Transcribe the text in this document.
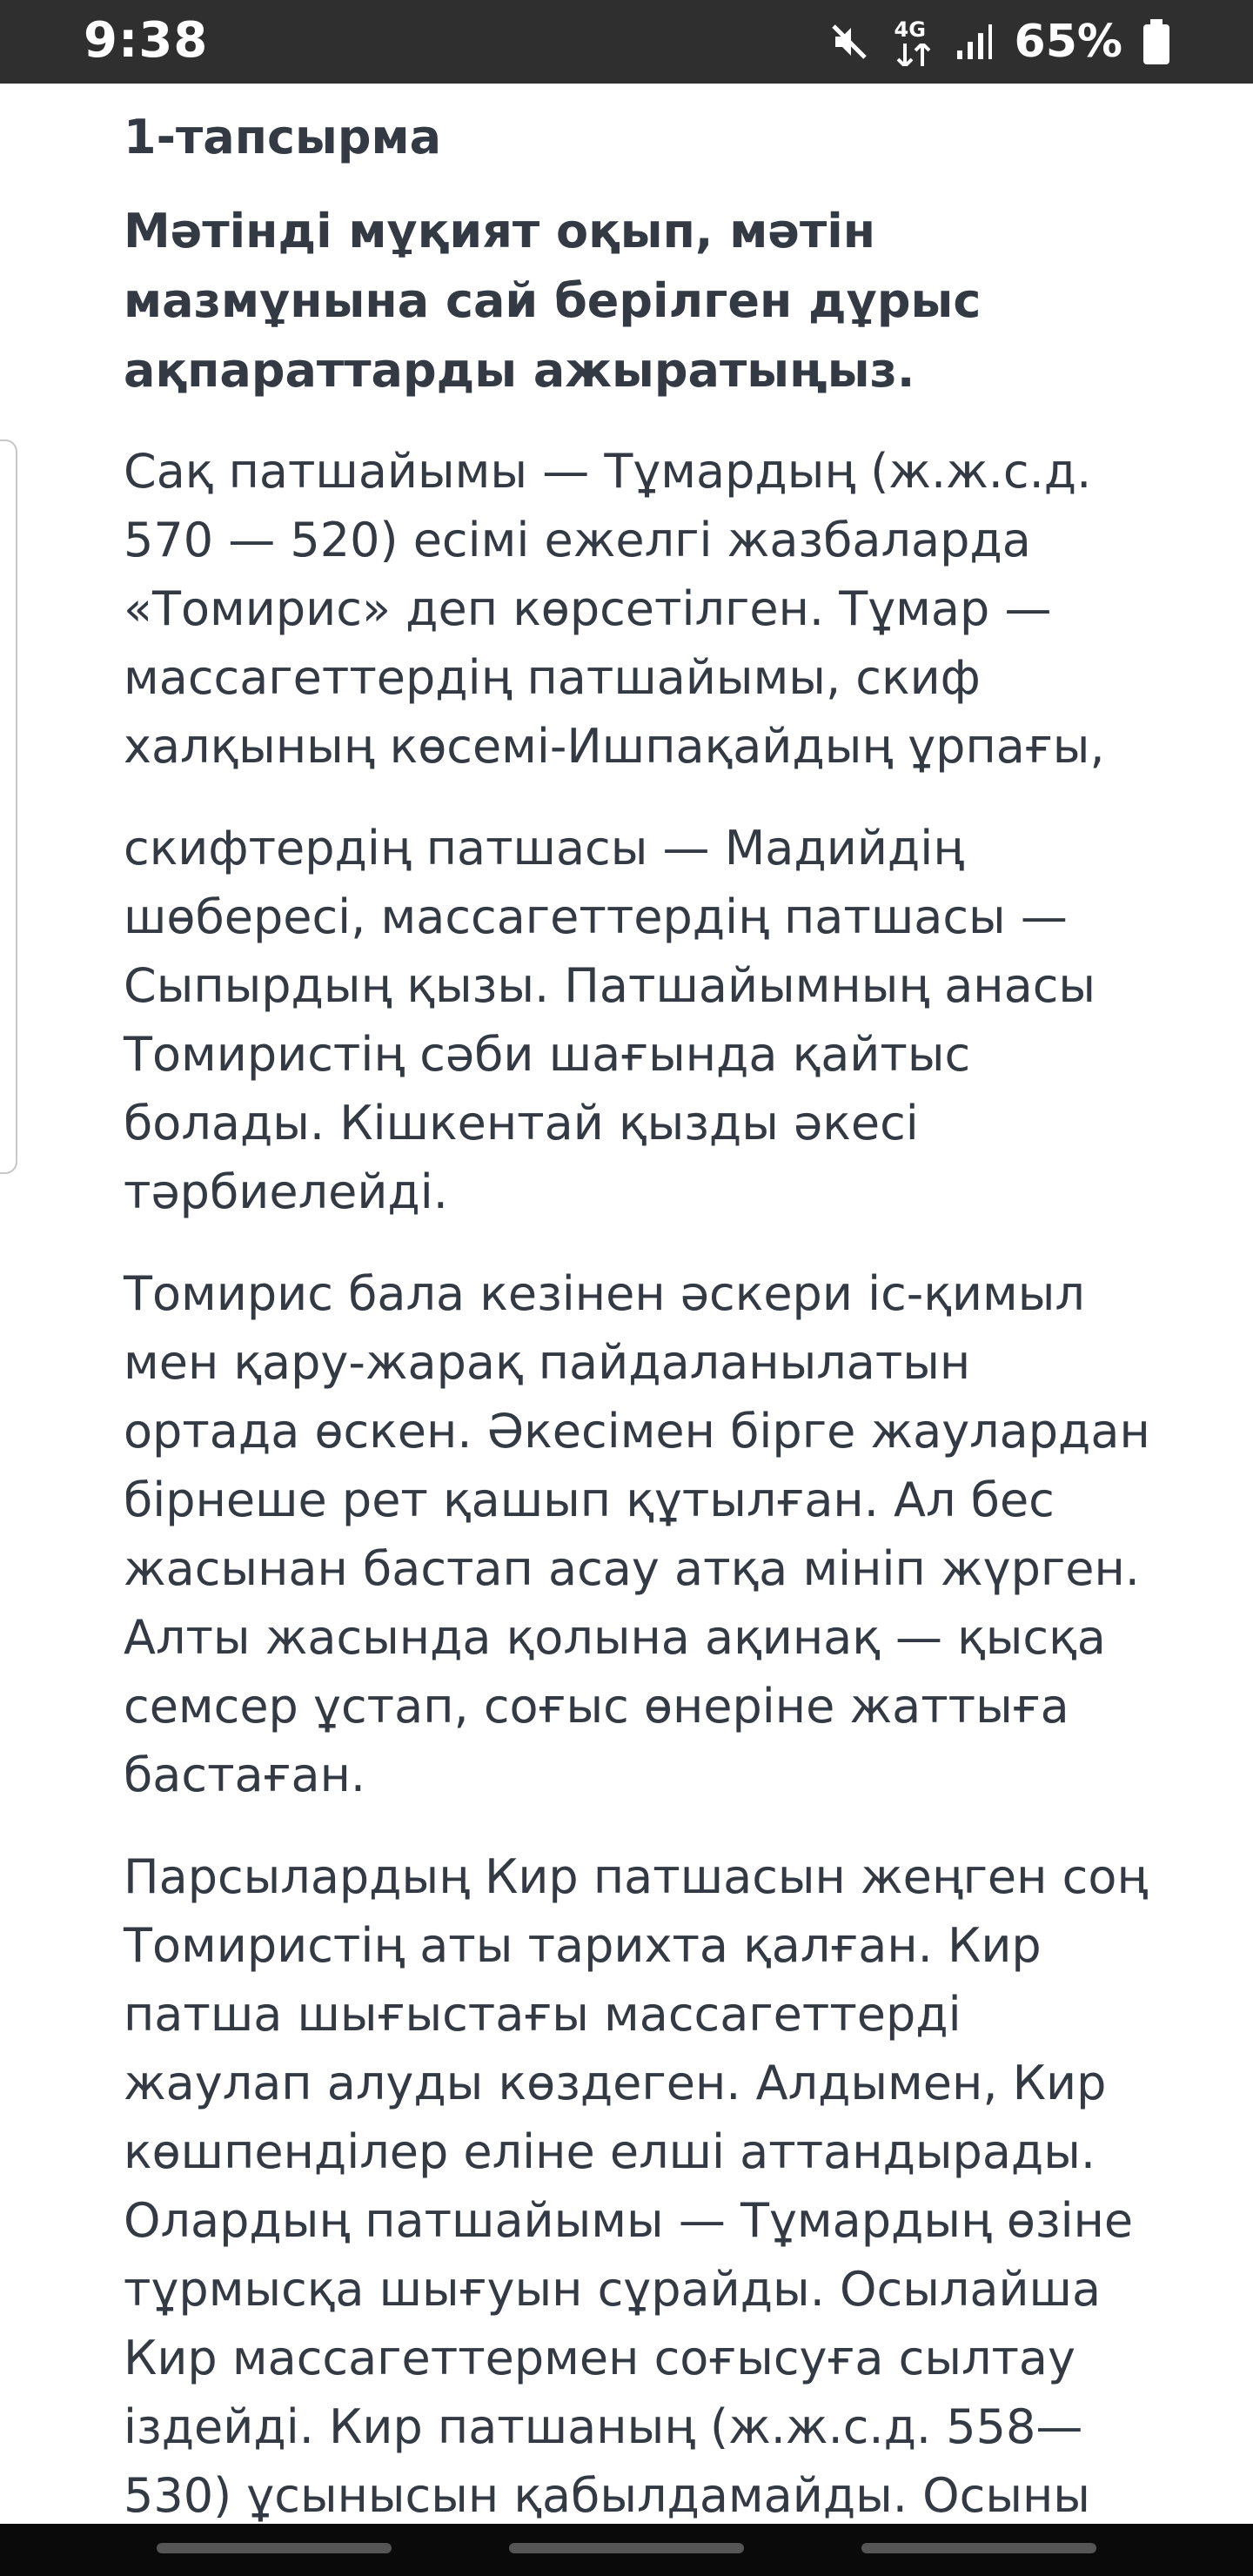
9:38	4G 65%
1-тапсырма
Мәтінді мұқият оқып, мәтін мазмұнына сай берілген дұрыс ақпараттарды ажыратыңыз.

Сақ патшайымы — Тұмардың (ж.ж.с.д. 570 — 520) есімі ежелгі жазбаларда «Томирис» деп көрсетілген. Тұмар — массагеттердің патшайымы, скиф халқының көсемі-Ишпақайдың ұрпағы,

скифтердің патшасы — Мадийдің шөбересі, массагеттердің патшасы — Сыпырдың қызы. Патшайымның анасы Томиристің сәби шағында қайтыс болады. Кішкентай қызды әкесі тәрбиелейді.

Томирис бала кезінен әскери іс-қимыл мен қару-жарақ пайдаланылатын ортада өскен. Әкесімен бірге жаулардан бірнеше рет қашып құтылған. Ал бес жасынан бастап асау атқа мініп жүрген. Алты жасында қолына ақинақ — қысқа семсер ұстап, соғыс өнеріне жаттыға бастаған.

Парсылардың Кир патшасын жеңген соң Томиристің аты тарихта қалған. Кир патша шығыстағы массагеттерді жаулап алуды көздеген. Алдымен, Кир көшпенділер еліне елші аттандырады. Олардың патшайымы — Тұмардың өзіне тұрмысқа шығуын сұрайды. Осылайша Кир массагеттермен соғысуға сылтау іздейді. Кир патшаның (ж.ж.с.д. 558—530) ұсынысын қабылдамайды. Осыны
